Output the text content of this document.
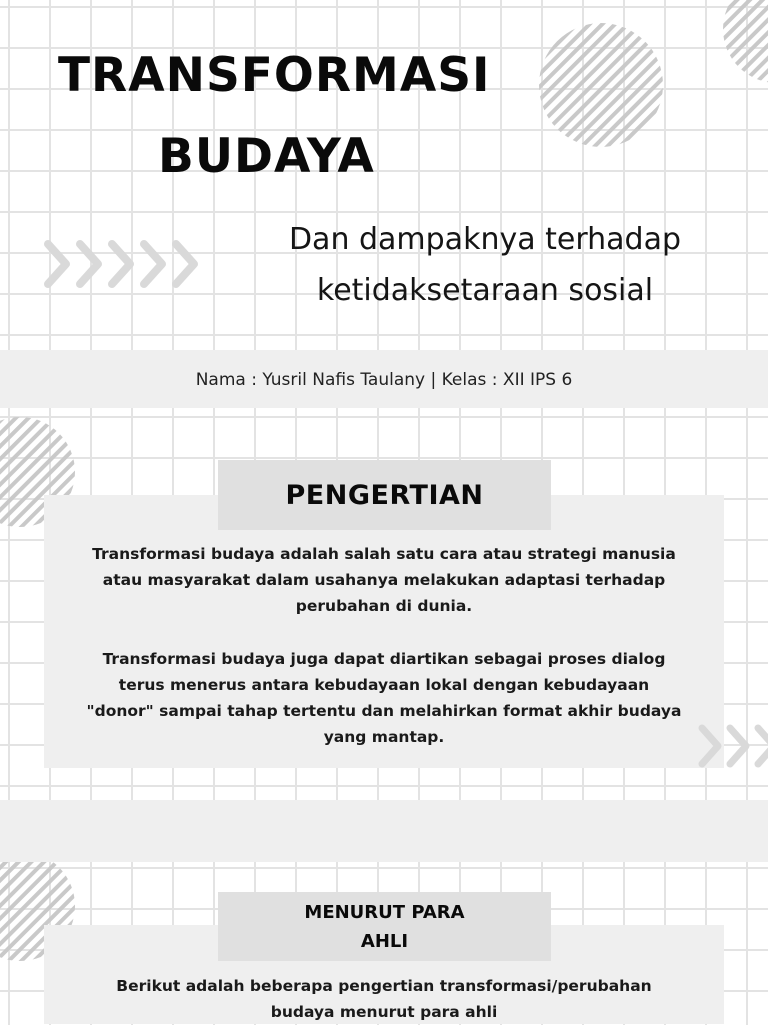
TRANSFORMASI
BUDAYA
Dan dampaknya terhadap
ketidaksetaraan sosial
Nama : Yusril Nafis Taulany | Kelas : XII IPS 6
PENGERTIAN
Transformasi budaya adalah salah satu cara atau strategi manusia
atau masyarakat dalam usahanya melakukan adaptasi terhadap
perubahan di dunia.
Transformasi budaya juga dapat diartikan sebagai proses dialog
terus menerus antara kebudayaan lokal dengan kebudayaan
"donor" sampai tahap tertentu dan melahirkan format akhir budaya
yang mantap.
MENURUT PARA
AHLI
Berikut adalah beberapa pengertian transformasi/perubahan
budaya menurut para ahli
